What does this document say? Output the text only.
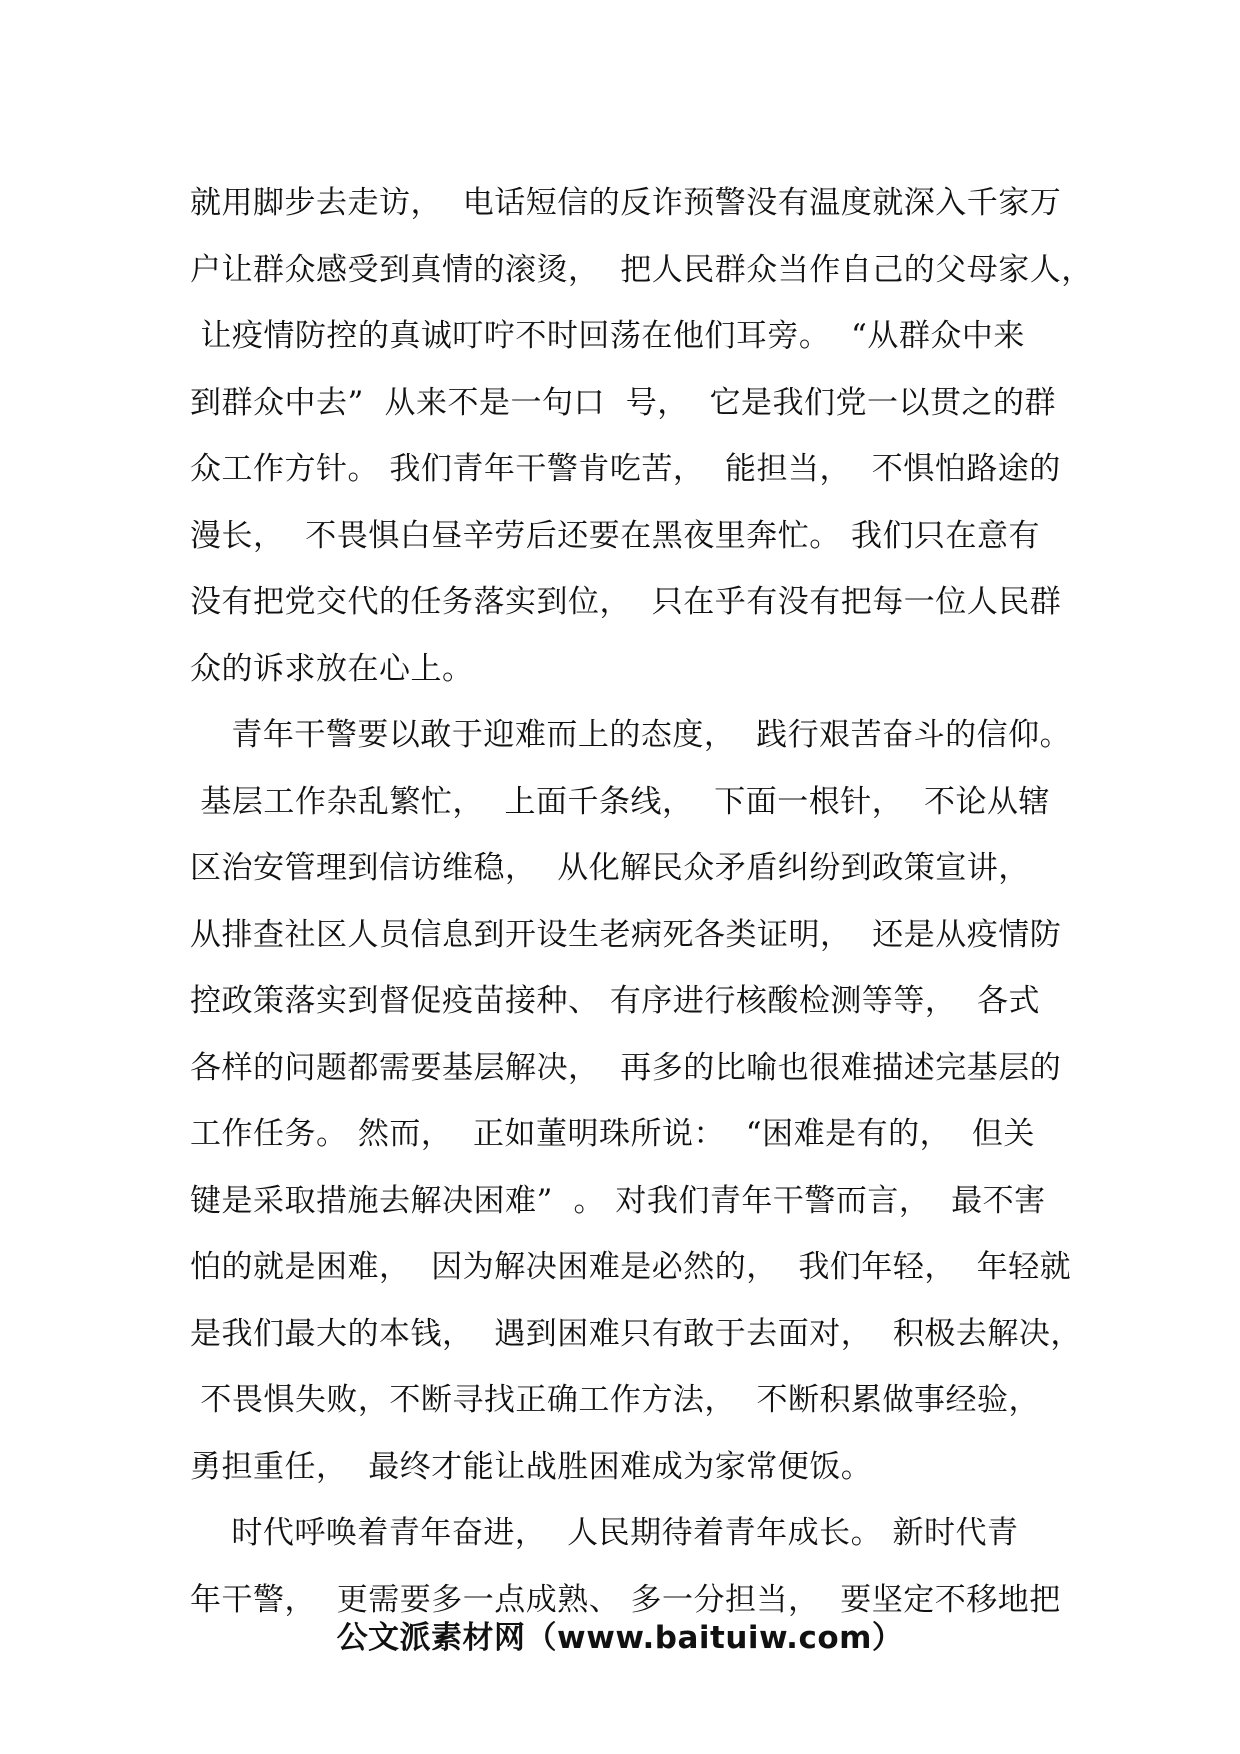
就用脚步去走访，  电话短信的反诈预警没有温度就深入千家万
户让群众感受到真情的滚烫，  把人民群众当作自己的父母家人，
让疫情防控的真诚叮咛不时回荡在他们耳旁。  “从群众中来
到群众中去”  从来不是一句口  号，  它是我们党一以贯之的群
众工作方针。 我们青年干警肯吃苦，  能担当，  不惧怕路途的
漫长，  不畏惧白昼辛劳后还要在黑夜里奔忙。 我们只在意有
没有把党交代的任务落实到位，  只在乎有没有把每一位人民群
众的诉求放在心上。
青年干警要以敢于迎难而上的态度，  践行艰苦奋斗的信仰。
基层工作杂乱繁忙，  上面千条线，  下面一根针，  不论从辖
区治安管理到信访维稳，  从化解民众矛盾纠纷到政策宣讲，
从排查社区人员信息到开设生老病死各类证明，  还是从疫情防
控政策落实到督促疫苗接种、 有序进行核酸检测等等，  各式
各样的问题都需要基层解决，  再多的比喻也很难描述完基层的
工作任务。 然而，  正如董明珠所说：  “困难是有的，  但关
键是采取措施去解决困难”  。 对我们青年干警而言，  最不害
怕的就是困难，  因为解决困难是必然的，  我们年轻，  年轻就
是我们最大的本钱，  遇到困难只有敢于去面对，  积极去解决，
不畏惧失败，不断寻找正确工作方法，  不断积累做事经验，
勇担重任，  最终才能让战胜困难成为家常便饭。
时代呼唤着青年奋进，  人民期待着青年成长。 新时代青
年干警，  更需要多一点成熟、 多一分担当，  要坚定不移地把
公文派素材网（www.baituiw.com）
